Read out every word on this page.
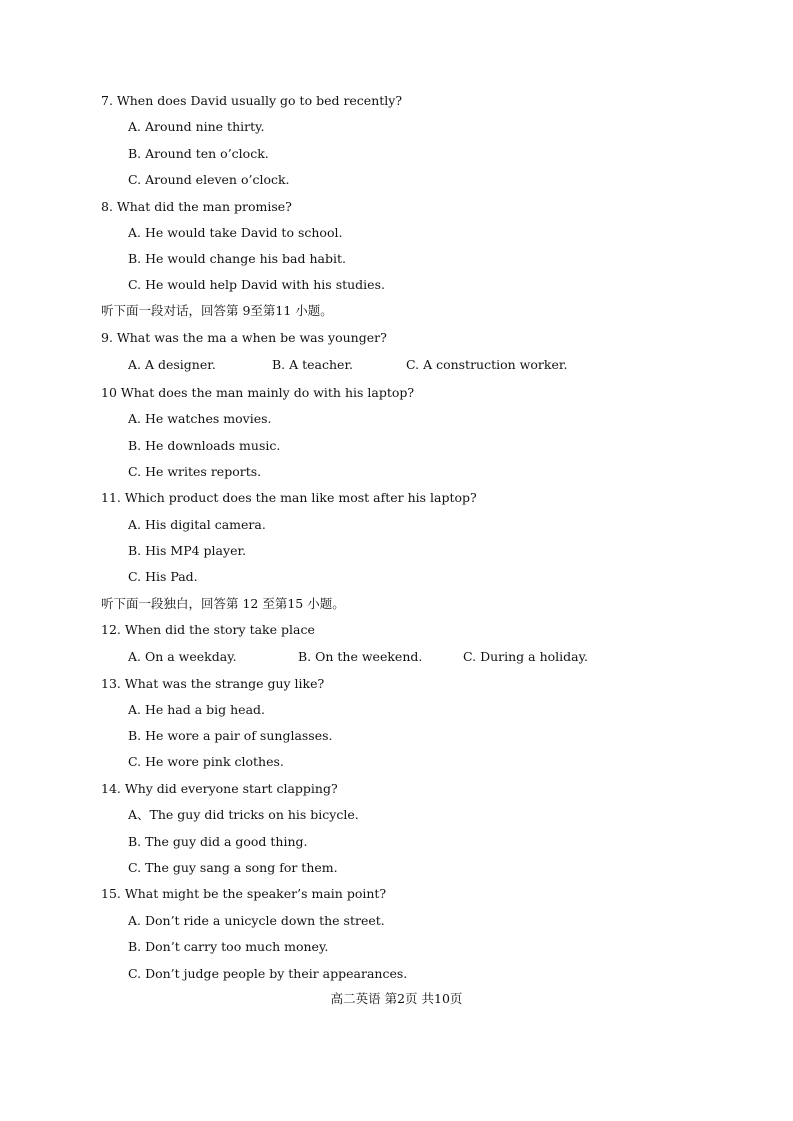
7. When does David usually go to bed recently?
A. Around nine thirty.
B. Around ten o’clock.
C. Around eleven o’clock.
8. What did the man promise?
A. He would take David to school.
B. He would change his bad habit.
C. He would help David with his studies.
听下面一段对话，回答第 9至第11 小题。
9. What was the ma a when be was younger?
A. A designer.	B. A teacher.	C. A construction worker.
10 What does the man mainly do with his laptop?
A. He watches movies.
B. He downloads music.
C. He writes reports.
11. Which product does the man like most after his laptop?
A. His digital camera.
B. His MP4 player.
C. His Pad.
听下面一段独白，回答第 12 至第15 小题。
12. When did the story take place
A. On a weekday.	B. On the weekend.	C. During a holiday.
13. What was the strange guy like?
A. He had a big head.
B. He wore a pair of sunglasses.
C. He wore pink clothes.
14. Why did everyone start clapping?
A、The guy did tricks on his bicycle.
B. The guy did a good thing.
C. The guy sang a song for them.
15. What might be the speaker’s main point?
A. Don’t ride a unicycle down the street.
B. Don’t carry too much money.
C. Don’t judge people by their appearances.
高二英语 第2页 共10页
